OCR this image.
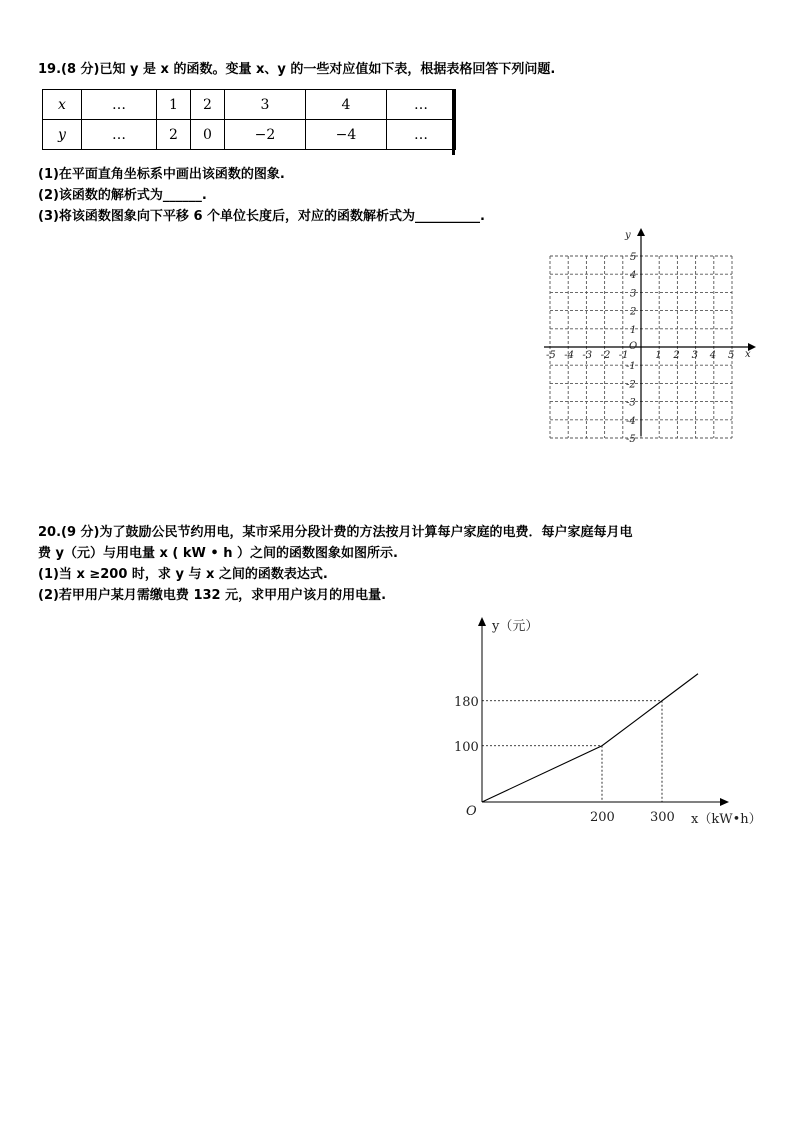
19.(8 分)已知 y 是 x 的函数。变量 x、y 的一些对应值如下表，根据表格回答下列问题.
x	…	1	2	3	4	…
y	…	2	0	−2	−4	…
(1)在平面直角坐标系中画出该函数的图象.
(2)该函数的解析式为______.
(3)将该函数图象向下平移 6 个单位长度后，对应的函数解析式为__________.
x
y
O
-5 -4 -3 -2 -1	1 2 3 4 5
5
4
3
2
1
-1
-2
-3
-4
-5
20.(9 分)为了鼓励公民节约用电，某市采用分段计费的方法按月计算每户家庭的电费．每户家庭每月电
费 y（元）与用电量 x ( kW • h ）之间的函数图象如图所示.
(1)当 x ≥200 时，求 y 与 x 之间的函数表达式.
(2)若甲用户某月需缴电费 132 元，求甲用户该月的用电量.
100
200
180
300
O
y（元）
x（kW•h）
